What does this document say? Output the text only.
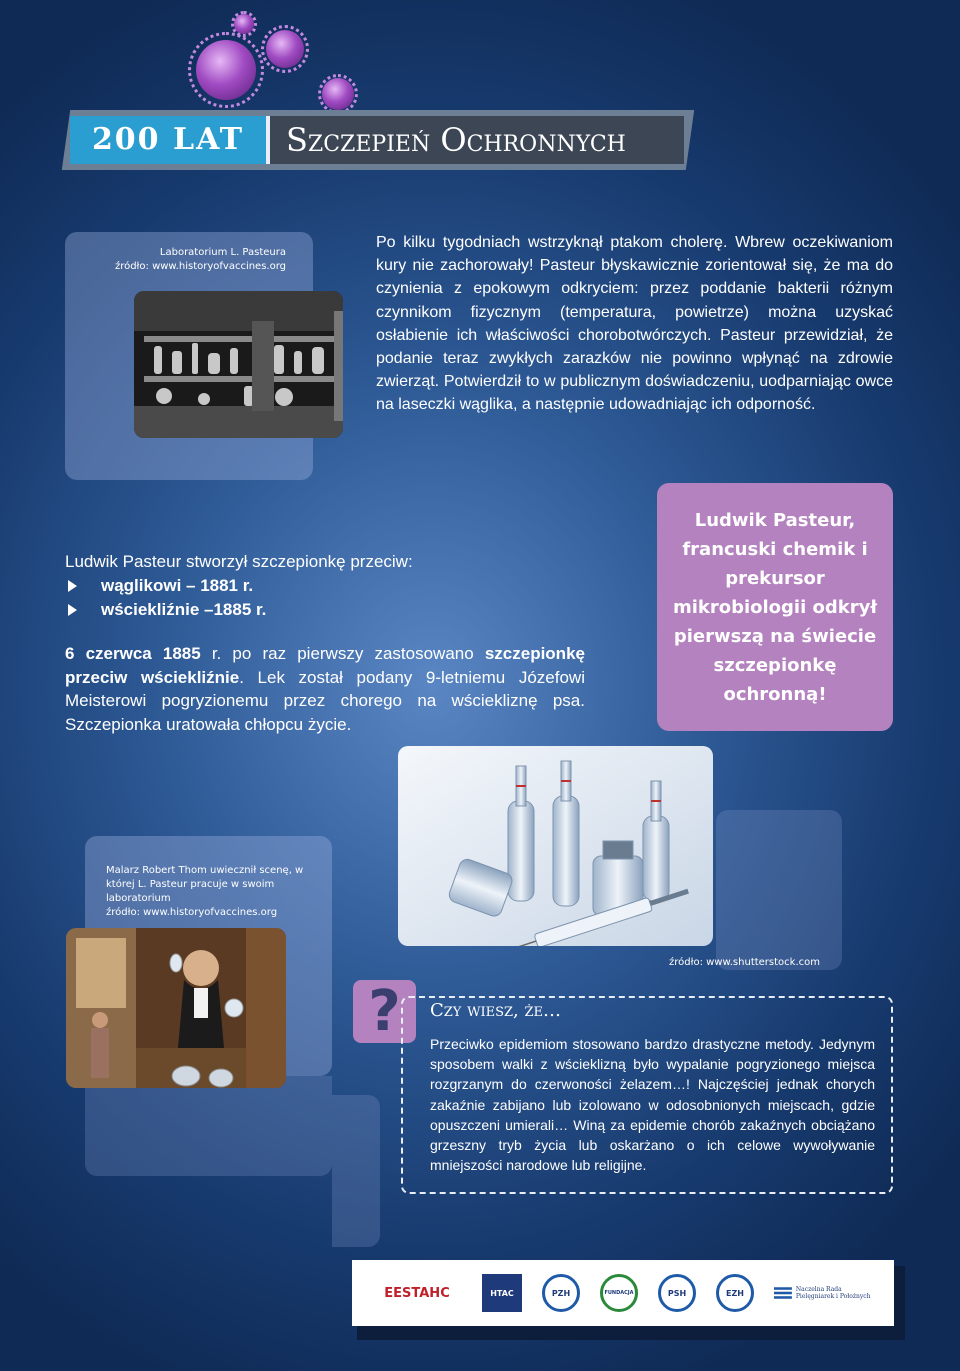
200 LAT	Szczepień Ochronnych
Laboratorium L. Pasteura
źródło: www.historyofvaccines.org

Po kilku tygodniach wstrzyknął ptakom cholerę. Wbrew oczekiwaniom kury nie zachorowały! Pasteur błyskawicznie zorientował się, że ma do czynienia z epokowym odkryciem: przez poddanie bakterii różnym czynnikom fizycznym (temperatura, powietrze) można uzyskać osłabienie ich właściwości chorobotwórczych. Pasteur przewidział, że podanie teraz zwykłych zarazków nie powinno wpłynąć na zdrowie zwierząt. Potwierdził to w publicznym doświadczeniu, uodparniając owce na laseczki wąglika, a następnie udowadniając ich odporność.

Ludwik Pasteur stworzył szczepionkę przeciw:
wąglikowi – 1881 r.
wściekliźnie –1885 r.

6 czerwca 1885 r. po raz pierwszy zastosowano szczepionkę przeciw wściekliźnie. Lek został podany 9-letniemu Józefowi Meisterowi pogryzionemu przez chorego na wściekliznę psa. Szczepionka uratowała chłopcu życie.

Ludwik Pasteur, francuski chemik i prekursor mikrobiologii odkrył pierwszą na świecie szczepionkę ochronną!

źródło: www.shutterstock.com
Malarz Robert Thom uwiecznił scenę, w której L. Pasteur pracuje w swoim laboratorium
źródło: www.historyofvaccines.org
?	Czy wiesz, że…

Przeciwko epidemiom stosowano bardzo drastyczne metody. Jedynym sposobem walki z wścieklizną było wypalanie pogryzionego miejsca rozgrzanym do czerwoności żelazem…! Najczęściej jednak chorych zakaźnie zabijano lub izolowano w odosobnionych miejscach, gdzie opuszczeni umierali… Winą za epidemie chorób zakaźnych obciążano grzeszny tryb życia lub oskarżano o ich celowe wywoływanie mniejszości narodowe lub religijne.

EESTAHC	HTAC	PZH	FUNDACJA	PSH	EZH	Naczelna Rada Pielęgniarek i Położnych
